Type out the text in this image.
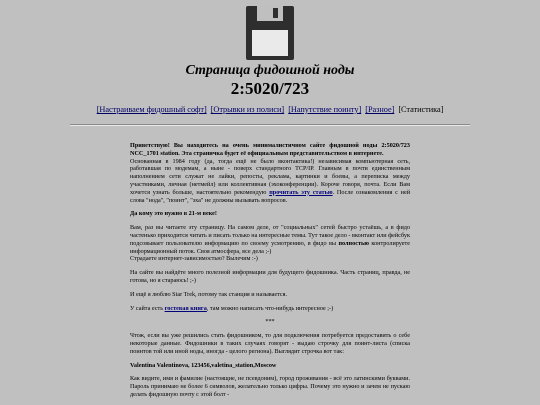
Страница фидошной ноды
2:5020/723
[Настраиваем фидошный софт] [Отрывки из полиси] [Напутствие поинту] [Разное] [Статистика]

Приветствую! Вы находитесь на очень минималистичном сайте фидошной ноды 2:5020/723 NCC_1701 station. Эта страничка будет её официальным представительством в интернете.
Основанная в 1984 году (да, тогда ещё не было вконтактика!) независимая компьютерная сеть, работавшая по модемам, а ныне - поверх стандартного TCP/IP. Главным в почти единственным наполнением сети служат не лайки, репосты, реклама, картинки и боевы, а переписка между участниками, личная (нетмейл) или коллективная (эхоконференции). Короче говоря, почта. Если Вам хочется узнать больше, настоятельно рекомендую прочитать эту статью. После ознакомления с ней слова "нода", "поинт", "эха" не должны вызывать вопросов.

Да кому это нужно в 21-м веке!

Вам, раз вы читаете эту страницу. На самом деле, от "социальных" сетей быстро устаёшь, а в фидо частенько приходится читать и писать только на интересные темы. Тут такое дело - вконтакт или фейсбук подсовывает пользователю информацию по своему усмотрению, в фидо вы полностью контролируете информационный поток. Своя атмосфера, все дела ;-)
Страдаете интернет-зависимостью? Вылечим :-)

На сайте вы найдёте много полезной информации для будущего фидошника. Часть страниц, правда, не готова, но я стараюсь! ;-)

И ещё я люблю Star Trek, потому так станция и называется.

У сайта есть гостевая книга, там можно написать что-нибудь интересное ;-)

***

Чтож, если вы уже решились стать фидошником, то для подключения потребуется предоставить о себе некоторые данные. Фидошники в таких случаях говорят - выдаю строчку для поинт-листа (списка поинтов той или иной ноды, иногда - целого региона). Выглядит строчка вот так:

Valentina Valentinova, 123456,valetina_station,Moscow

Как видите, имя и фамилие (настоящие, не псевдоним), город проживания - всё это латинскими буквами. Пароль принимаю не более 6 символов, желательно только цифры. Почему это нужно и зачем не пускаю делать фидошную почту с этой болт -
